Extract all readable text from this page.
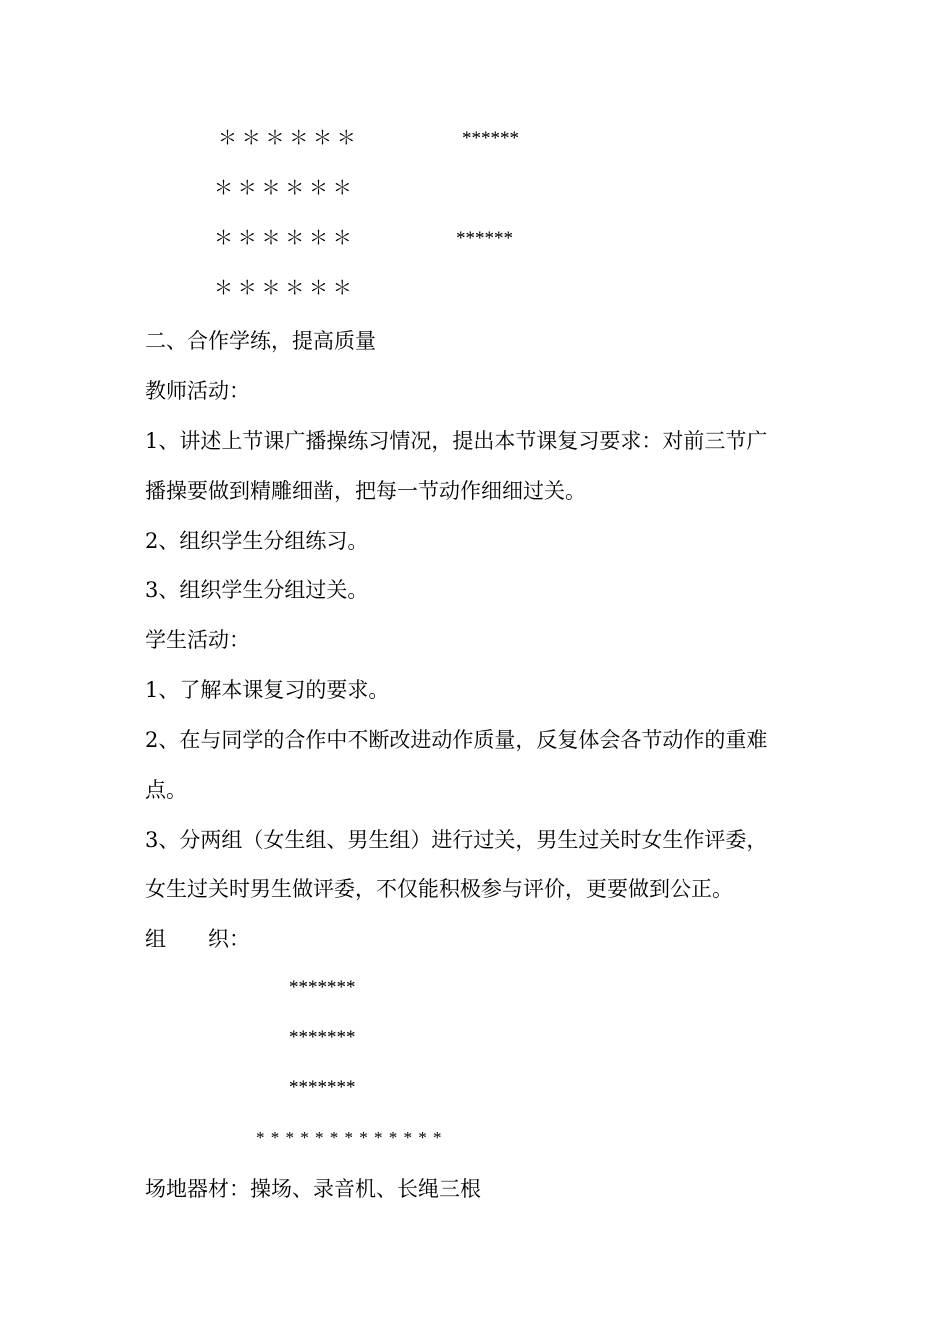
＊ ＊ ＊ ＊ ＊ ＊	******
＊ ＊ ＊ ＊ ＊ ＊
＊ ＊ ＊ ＊ ＊ ＊	******
＊ ＊ ＊ ＊ ＊ ＊
二、合作学练，提高质量
教师活动：
1、讲述上节课广播操练习情况，提出本节课复习要求：对前三节广
播操要做到精雕细凿，把每一节动作细细过关。
2、组织学生分组练习。
3、组织学生分组过关。
学生活动：
1、了解本课复习的要求。
2、在与同学的合作中不断改进动作质量，反复体会各节动作的重难
点。
3、分两组（女生组、男生组）进行过关，男生过关时女生作评委，
女生过关时男生做评委，不仅能积极参与评价，更要做到公正。
组　　织：
*******
*******
*******
* * * * * * * * * * * * *
场地器材：操场、录音机、长绳三根
